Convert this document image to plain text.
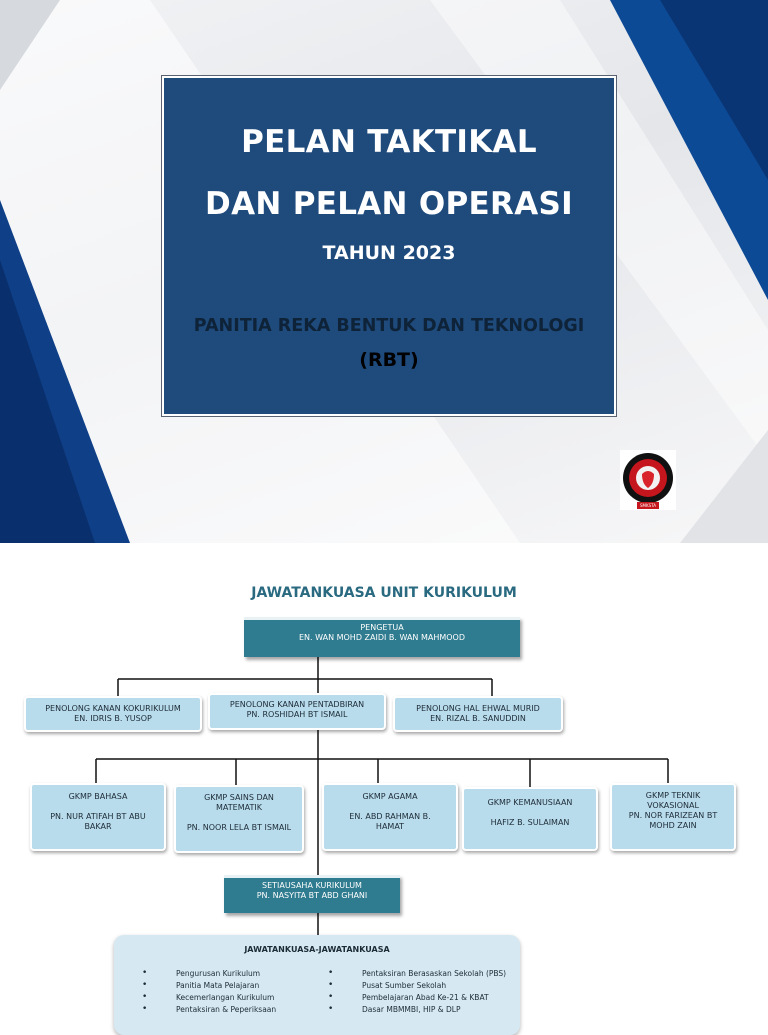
PELAN TAKTIKAL
DAN PELAN OPERASI
TAHUN 2023
PANITIA REKA BENTUK DAN TEKNOLOGI
(RBT)
SMKSTA
JAWATANKUASA UNIT KURIKULUM
PENGETUA
EN. WAN MOHD ZAIDI B. WAN MAHMOOD
PENOLONG KANAN KOKURIKULUM
EN. IDRIS B. YUSOP
PENOLONG KANAN PENTADBIRAN
PN. ROSHIDAH BT ISMAIL
PENOLONG HAL EHWAL MURID
EN. RIZAL B. SANUDDIN
GKMP BAHASA
PN. NUR ATIFAH BT ABU
BAKAR
GKMP SAINS DAN
MATEMATIK
PN. NOOR LELA BT ISMAIL
GKMP AGAMA
EN. ABD RAHMAN B.
HAMAT
GKMP KEMANUSIAAN
HAFIZ B. SULAIMAN
GKMP TEKNIK
VOKASIONAL
PN. NOR FARIZEAN BT
MOHD ZAIN
SETIAUSAHA KURIKULUM
PN. NASYITA BT ABD GHANI
JAWATANKUASA-JAWATANKUASA
• Pengurusan Kurikulum
• Panitia Mata Pelajaran
• Kecemerlangan Kurikulum
• Pentaksiran & Peperiksaan
• Pentaksiran Berasaskan Sekolah (PBS)
• Pusat Sumber Sekolah
• Pembelajaran Abad Ke-21 & KBAT
• Dasar MBMMBI, HIP & DLP
